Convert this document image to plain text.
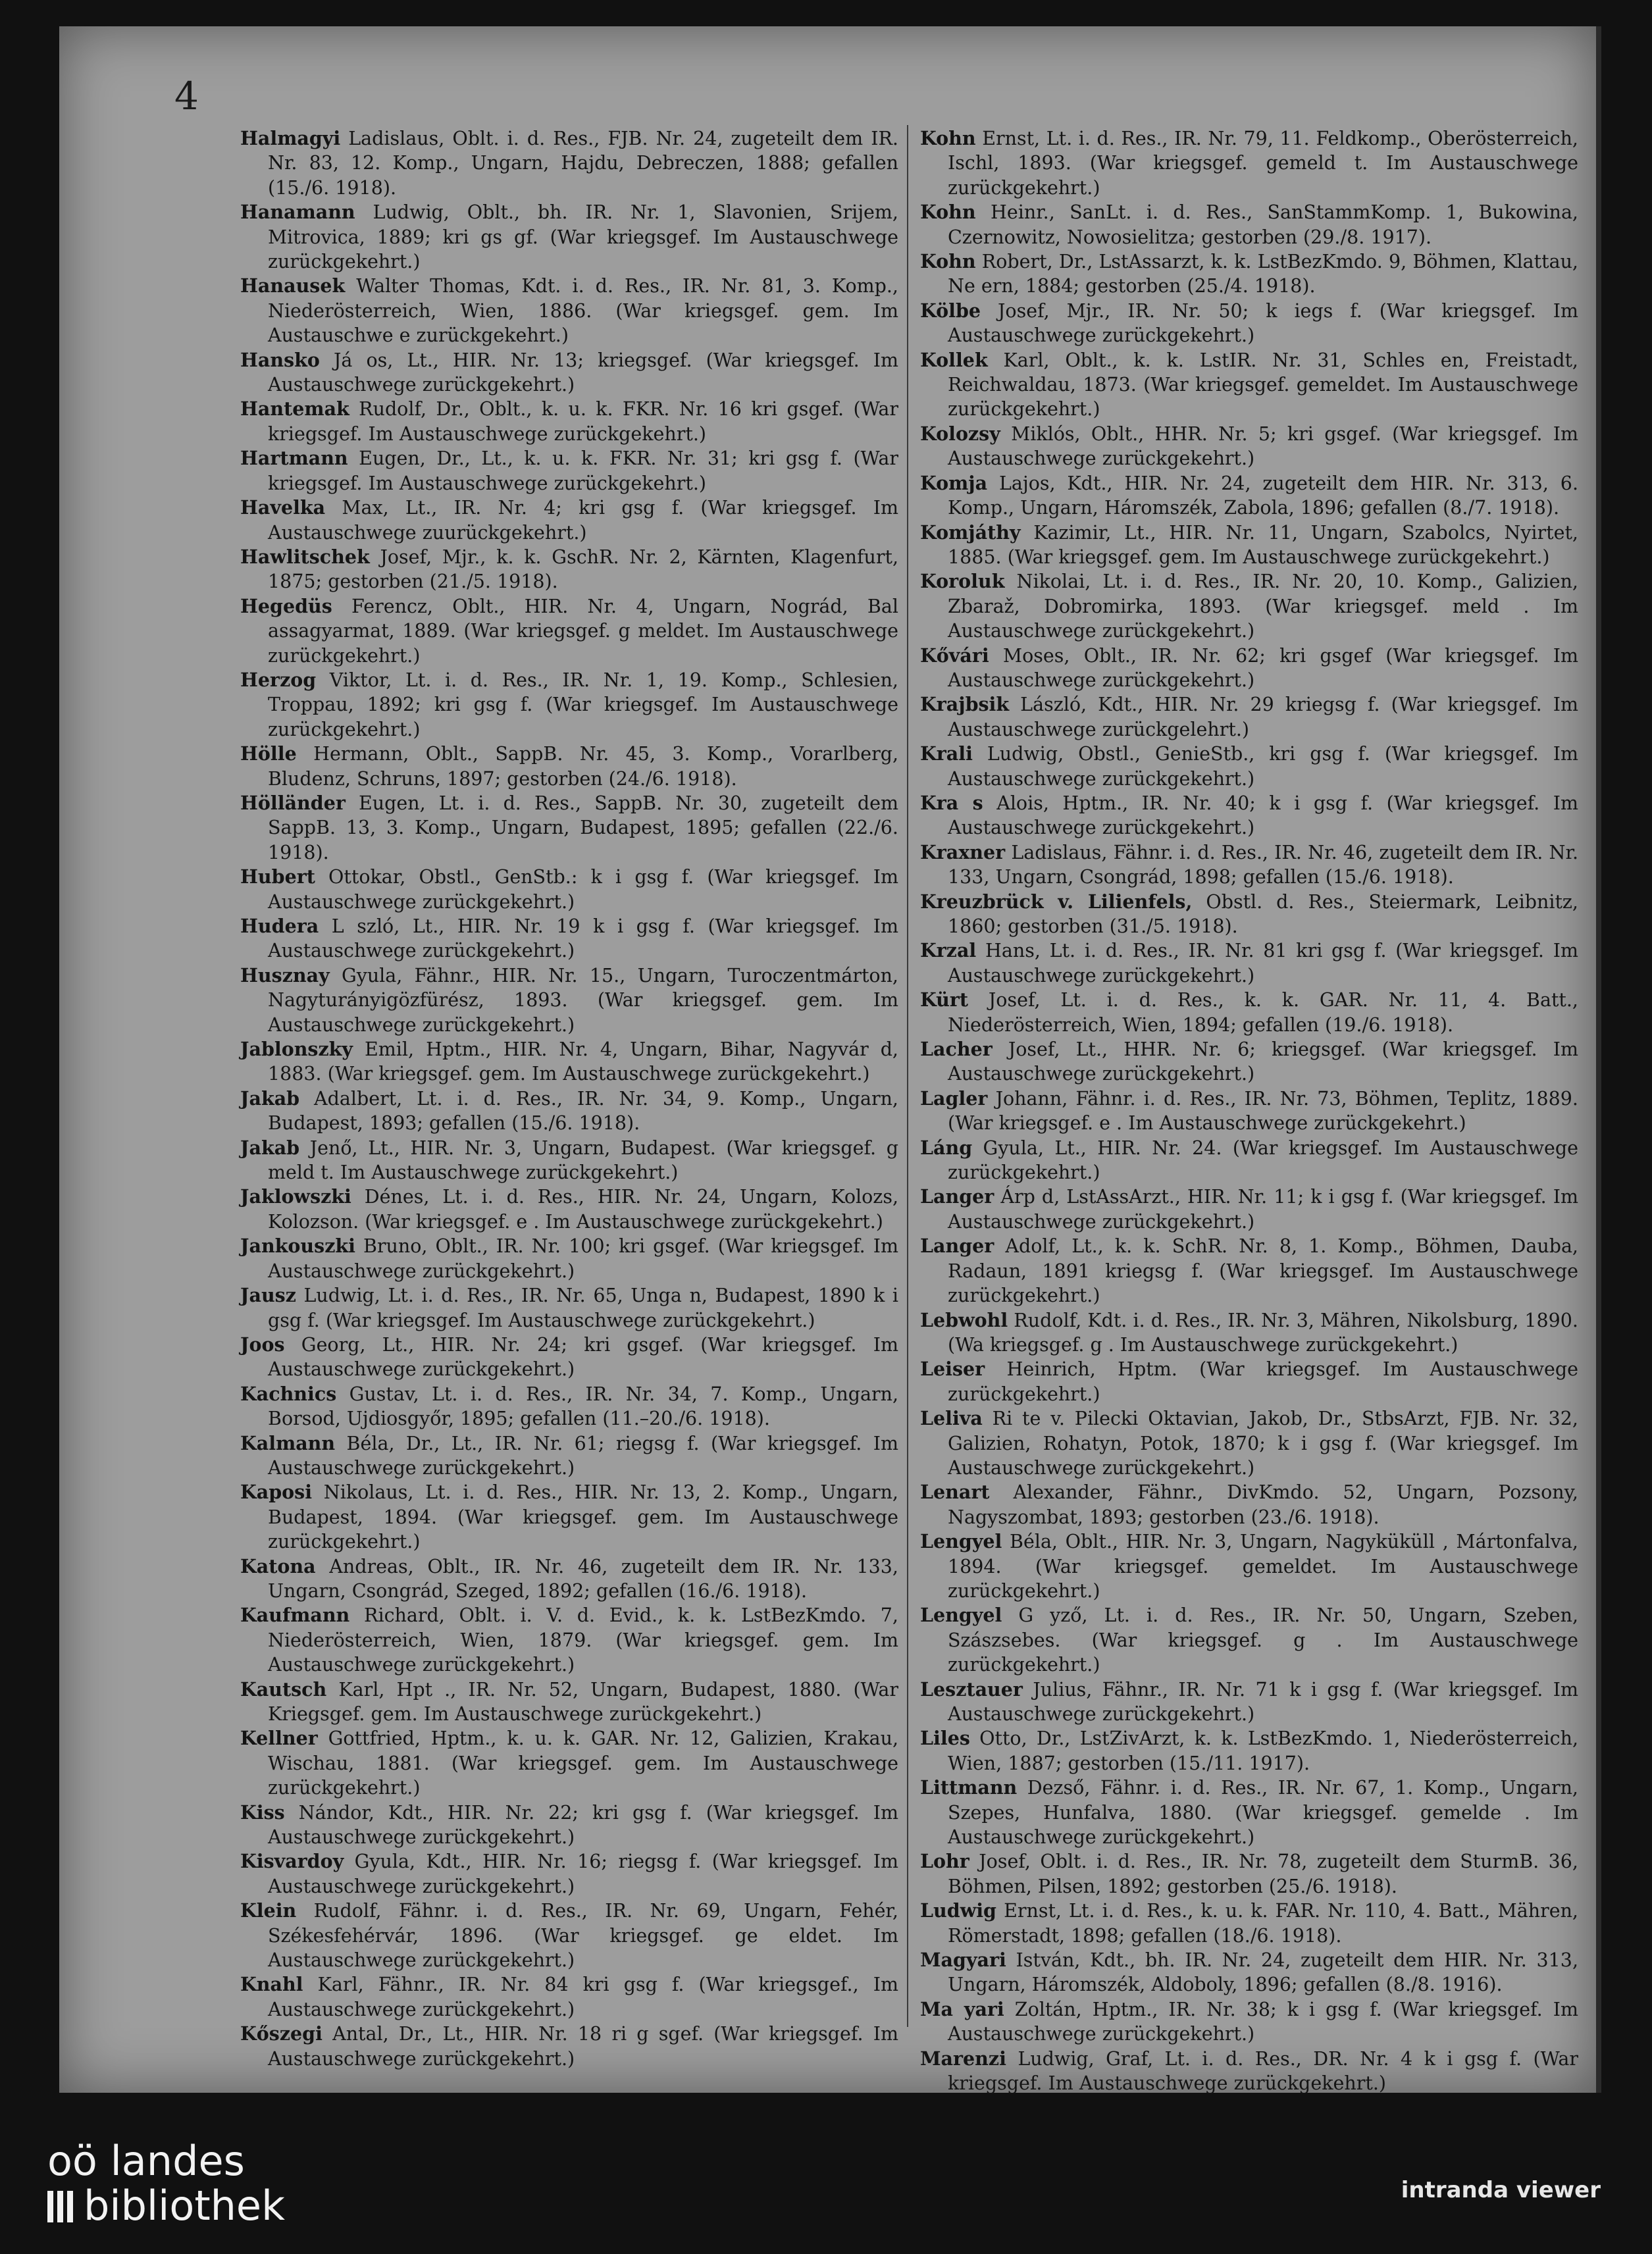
4

Halmagyi Ladislaus, Oblt. i. d. Res., FJB. Nr. 24, zugeteilt dem IR. Nr. 83, 12. Komp., Ungarn, Hajdu, Debreczen, 1888; gefallen (15./6. 1918).

Hanamann Ludwig, Oblt., bh. IR. Nr. 1, Slavonien, Srijem, Mitrovica, 1889; kri gs gf. (War kriegsgef. Im Austauschwege zurückgekehrt.)

Hanausek Walter Thomas, Kdt. i. d. Res., IR. Nr. 81, 3. Komp., Niederösterreich, Wien, 1886. (War kriegsgef. gem. Im Austauschwe e zurückgekehrt.)

Hansko Já os, Lt., HIR. Nr. 13; kriegsgef. (War kriegsgef. Im Austauschwege zurückgekehrt.)

Hantemak Rudolf, Dr., Oblt., k. u. k. FKR. Nr. 16 kri gsgef. (War kriegsgef. Im Austauschwege zurückgekehrt.)

Hartmann Eugen, Dr., Lt., k. u. k. FKR. Nr. 31; kri gsg f. (War kriegsgef. Im Austauschwege zurückgekehrt.)

Havelka Max, Lt., IR. Nr. 4; kri gsg f. (War kriegsgef. Im Austauschwege zuurückgekehrt.)

Hawlitschek Josef, Mjr., k. k. GschR. Nr. 2, Kärnten, Klagenfurt, 1875; gestorben (21./5. 1918).

Hegedüs Ferencz, Oblt., HIR. Nr. 4, Ungarn, Nográd, Bal assagyarmat, 1889. (War kriegsgef. g meldet. Im Austauschwege zurückgekehrt.)

Herzog Viktor, Lt. i. d. Res., IR. Nr. 1, 19. Komp., Schlesien, Troppau, 1892; kri gsg f. (War kriegsgef. Im Austauschwege zurückgekehrt.)

Hölle Hermann, Oblt., SappB. Nr. 45, 3. Komp., Vorarlberg, Bludenz, Schruns, 1897; gestorben (24./6. 1918).

Hölländer Eugen, Lt. i. d. Res., SappB. Nr. 30, zugeteilt dem SappB. 13, 3. Komp., Ungarn, Budapest, 1895; gefallen (22./6. 1918).

Hubert Ottokar, Obstl., GenStb.: k i gsg f. (War kriegsgef. Im Austauschwege zurückgekehrt.)

Hudera L szló, Lt., HIR. Nr. 19 k i gsg f. (War kriegsgef. Im Austauschwege zurückgekehrt.)

Husznay Gyula, Fähnr., HIR. Nr. 15., Ungarn, Turoczentmárton, Nagyturányigözfürész, 1893. (War kriegsgef. gem. Im Austauschwege zurückgekehrt.)

Jablonszky Emil, Hptm., HIR. Nr. 4, Ungarn, Bihar, Nagyvár d, 1883. (War kriegsgef. gem. Im Austauschwege zurückgekehrt.)

Jakab Adalbert, Lt. i. d. Res., IR. Nr. 34, 9. Komp., Ungarn, Budapest, 1893; gefallen (15./6. 1918).

Jakab Jenő, Lt., HIR. Nr. 3, Ungarn, Budapest. (War kriegsgef. g meld t. Im Austauschwege zurückgekehrt.)

Jaklowszki Dénes, Lt. i. d. Res., HIR. Nr. 24, Ungarn, Kolozs, Kolozson. (War kriegsgef. e . Im Austauschwege zurückgekehrt.)

Jankouszki Bruno, Oblt., IR. Nr. 100; kri gsgef. (War kriegsgef. Im Austauschwege zurückgekehrt.)

Jausz Ludwig, Lt. i. d. Res., IR. Nr. 65, Unga n, Budapest, 1890 k i gsg f. (War kriegsgef. Im Austauschwege zurückgekehrt.)

Joos Georg, Lt., HIR. Nr. 24; kri gsgef. (War kriegsgef. Im Austauschwege zurückgekehrt.)

Kachnics Gustav, Lt. i. d. Res., IR. Nr. 34, 7. Komp., Ungarn, Borsod, Ujdiosgyőr, 1895; gefallen (11.–20./6. 1918).

Kalmann Béla, Dr., Lt., IR. Nr. 61; riegsg f. (War kriegsgef. Im Austauschwege zurückgekehrt.)

Kaposi Nikolaus, Lt. i. d. Res., HIR. Nr. 13, 2. Komp., Ungarn, Budapest, 1894. (War kriegsgef. gem. Im Austauschwege zurückgekehrt.)

Katona Andreas, Oblt., IR. Nr. 46, zugeteilt dem IR. Nr. 133, Ungarn, Csongrád, Szeged, 1892; gefallen (16./6. 1918).

Kaufmann Richard, Oblt. i. V. d. Evid., k. k. LstBezKmdo. 7, Niederösterreich, Wien, 1879. (War kriegsgef. gem. Im Austauschwege zurückgekehrt.)

Kautsch Karl, Hpt ., IR. Nr. 52, Ungarn, Budapest, 1880. (War Kriegsgef. gem. Im Austauschwege zurückgekehrt.)

Kellner Gottfried, Hptm., k. u. k. GAR. Nr. 12, Galizien, Krakau, Wischau, 1881. (War kriegsgef. gem. Im Austauschwege zurückgekehrt.)

Kiss Nándor, Kdt., HIR. Nr. 22; kri gsg f. (War kriegsgef. Im Austauschwege zurückgekehrt.)

Kisvardoy Gyula, Kdt., HIR. Nr. 16; riegsg f. (War kriegsgef. Im Austauschwege zurückgekehrt.)

Klein Rudolf, Fähnr. i. d. Res., IR. Nr. 69, Ungarn, Fehér, Székesfehérvár, 1896. (War kriegsgef. ge eldet. Im Austauschwege zurückgekehrt.)

Knahl Karl, Fähnr., IR. Nr. 84 kri gsg f. (War kriegsgef., Im Austauschwege zurückgekehrt.)

Kőszegi Antal, Dr., Lt., HIR. Nr. 18 ri g sgef. (War kriegsgef. Im Austauschwege zurückgekehrt.)

Kohn Ernst, Lt. i. d. Res., IR. Nr. 79, 11. Feldkomp., Oberösterreich, Ischl, 1893. (War kriegsgef. gemeld t. Im Austauschwege zurückgekehrt.)

Kohn Heinr., SanLt. i. d. Res., SanStammKomp. 1, Bukowina, Czernowitz, Nowosielitza; gestorben (29./8. 1917).

Kohn Robert, Dr., LstAssarzt, k. k. LstBezKmdo. 9, Böhmen, Klattau, Ne ern, 1884; gestorben (25./4. 1918).

Kölbe Josef, Mjr., IR. Nr. 50; k iegs f. (War kriegsgef. Im Austauschwege zurückgekehrt.)

Kollek Karl, Oblt., k. k. LstIR. Nr. 31, Schles en, Freistadt, Reichwaldau, 1873. (War kriegsgef. gemeldet. Im Austauschwege zurückgekehrt.)

Kolozsy Miklós, Oblt., HHR. Nr. 5; kri gsgef. (War kriegsgef. Im Austauschwege zurückgekehrt.)

Komja Lajos, Kdt., HIR. Nr. 24, zugeteilt dem HIR. Nr. 313, 6. Komp., Ungarn, Háromszék, Zabola, 1896; gefallen (8./7. 1918).

Komjáthy Kazimir, Lt., HIR. Nr. 11, Ungarn, Szabolcs, Nyirtet, 1885. (War kriegsgef. gem. Im Austauschwege zurückgekehrt.)

Koroluk Nikolai, Lt. i. d. Res., IR. Nr. 20, 10. Komp., Galizien, Zbaraž, Dobromirka, 1893. (War kriegsgef. meld . Im Austauschwege zurückgekehrt.)

Kővári Moses, Oblt., IR. Nr. 62; kri gsgef (War kriegsgef. Im Austauschwege zurückgekehrt.)

Krajbsik László, Kdt., HIR. Nr. 29 kriegsg f. (War kriegsgef. Im Austauschwege zurückgelehrt.)

Krali Ludwig, Obstl., GenieStb., kri gsg f. (War kriegsgef. Im Austauschwege zurückgekehrt.)

Kra s Alois, Hptm., IR. Nr. 40; k i gsg f. (War kriegsgef. Im Austauschwege zurückgekehrt.)

Kraxner Ladislaus, Fähnr. i. d. Res., IR. Nr. 46, zugeteilt dem IR. Nr. 133, Ungarn, Csongrád, 1898; gefallen (15./6. 1918).

Kreuzbrück v. Lilienfels, Obstl. d. Res., Steiermark, Leibnitz, 1860; gestorben (31./5. 1918).

Krzal Hans, Lt. i. d. Res., IR. Nr. 81 kri gsg f. (War kriegsgef. Im Austauschwege zurückgekehrt.)

Kürt Josef, Lt. i. d. Res., k. k. GAR. Nr. 11, 4. Batt., Niederösterreich, Wien, 1894; gefallen (19./6. 1918).

Lacher Josef, Lt., HHR. Nr. 6; kriegsgef. (War kriegsgef. Im Austauschwege zurückgekehrt.)

Lagler Johann, Fähnr. i. d. Res., IR. Nr. 73, Böhmen, Teplitz, 1889. (War kriegsgef. e . Im Austauschwege zurückgekehrt.)

Láng Gyula, Lt., HIR. Nr. 24. (War kriegsgef. Im Austauschwege zurückgekehrt.)

Langer Árp d, LstAssArzt., HIR. Nr. 11; k i gsg f. (War kriegsgef. Im Austauschwege zurückgekehrt.)

Langer Adolf, Lt., k. k. SchR. Nr. 8, 1. Komp., Böhmen, Dauba, Radaun, 1891 kriegsg f. (War kriegsgef. Im Austauschwege zurückgekehrt.)

Lebwohl Rudolf, Kdt. i. d. Res., IR. Nr. 3, Mähren, Nikolsburg, 1890. (Wa kriegsgef. g . Im Austauschwege zurückgekehrt.)

Leiser Heinrich, Hptm. (War kriegsgef. Im Austauschwege zurückgekehrt.)

Leliva Ri te v. Pilecki Oktavian, Jakob, Dr., StbsArzt, FJB. Nr. 32, Galizien, Rohatyn, Potok, 1870; k i gsg f. (War kriegsgef. Im Austauschwege zurückgekehrt.)

Lenart Alexander, Fähnr., DivKmdo. 52, Ungarn, Pozsony, Nagyszombat, 1893; gestorben (23./6. 1918).

Lengyel Béla, Oblt., HIR. Nr. 3, Ungarn, Nagyküküll , Mártonfalva, 1894. (War kriegsgef. gemeldet. Im Austauschwege zurückgekehrt.)

Lengyel G yző, Lt. i. d. Res., IR. Nr. 50, Ungarn, Szeben, Szászsebes. (War kriegsgef. g . Im Austauschwege zurückgekehrt.)

Lesztauer Julius, Fähnr., IR. Nr. 71 k i gsg f. (War kriegsgef. Im Austauschwege zurückgekehrt.)

Liles Otto, Dr., LstZivArzt, k. k. LstBezKmdo. 1, Niederösterreich, Wien, 1887; gestorben (15./11. 1917).

Littmann Dezső, Fähnr. i. d. Res., IR. Nr. 67, 1. Komp., Ungarn, Szepes, Hunfalva, 1880. (War kriegsgef. gemelde . Im Austauschwege zurückgekehrt.)

Lohr Josef, Oblt. i. d. Res., IR. Nr. 78, zugeteilt dem SturmB. 36, Böhmen, Pilsen, 1892; gestorben (25./6. 1918).

Ludwig Ernst, Lt. i. d. Res., k. u. k. FAR. Nr. 110, 4. Batt., Mähren, Römerstadt, 1898; gefallen (18./6. 1918).

Magyari István, Kdt., bh. IR. Nr. 24, zugeteilt dem HIR. Nr. 313, Ungarn, Háromszék, Aldoboly, 1896; gefallen (8./8. 1916).

Ma yari Zoltán, Hptm., IR. Nr. 38; k i gsg f. (War kriegsgef. Im Austauschwege zurückgekehrt.)

Marenzi Ludwig, Graf, Lt. i. d. Res., DR. Nr. 4 k i gsg f. (War kriegsgef. Im Austauschwege zurückgekehrt.)

oö landes
bibliothek	intranda viewer
